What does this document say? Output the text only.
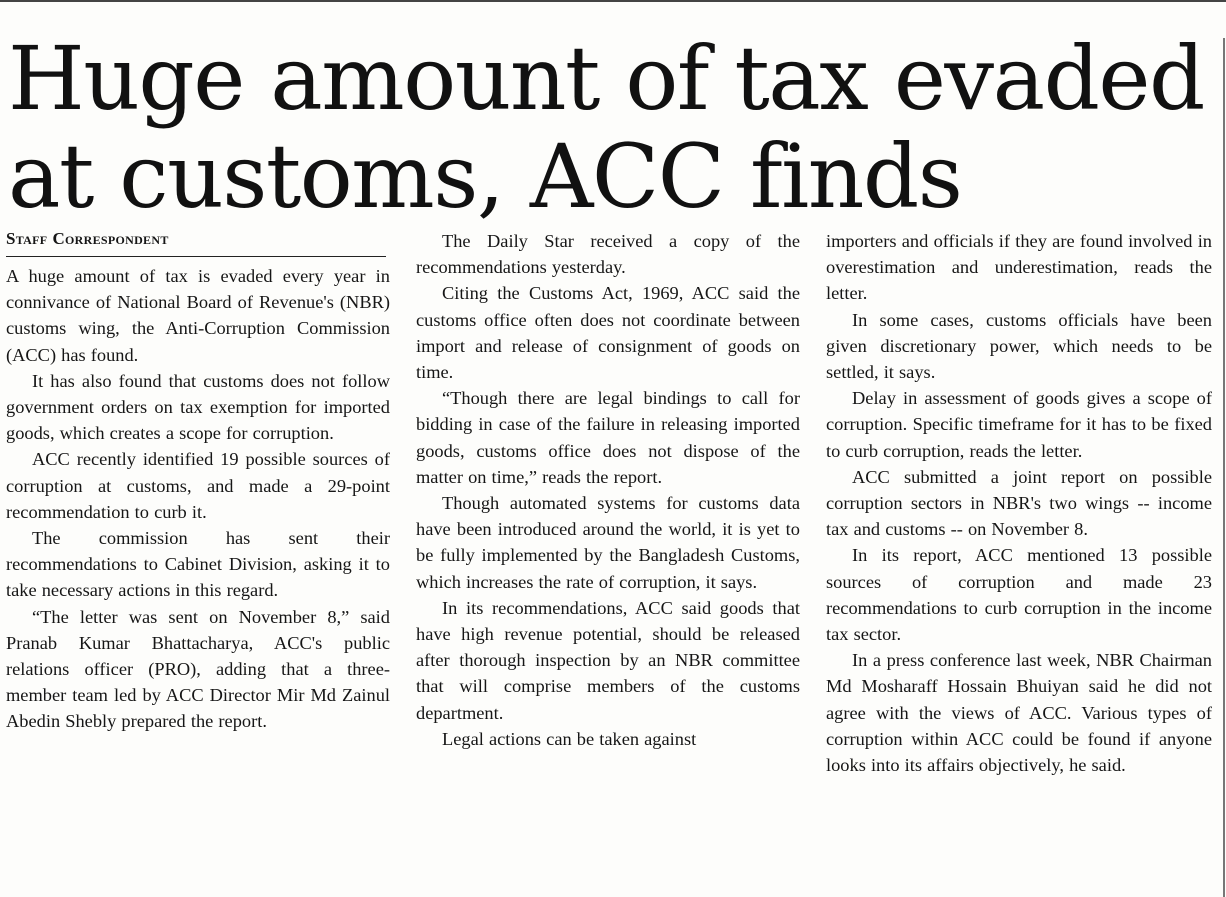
Huge amount of tax evaded at customs, ACC finds
Staff Correspondent

A huge amount of tax is evaded every year in connivance of National Board of Revenue's (NBR) customs wing, the Anti-Corruption Commission (ACC) has found.

It has also found that customs does not follow government orders on tax exemption for imported goods, which creates a scope for corruption.

ACC recently identified 19 possible sources of corruption at customs, and made a 29-point recommendation to curb it.

The commission has sent their recommendations to Cabinet Division, asking it to take necessary actions in this regard.

“The letter was sent on November 8,” said Pranab Kumar Bhattacharya, ACC's public relations officer (PRO), adding that a three-member team led by ACC Director Mir Md Zainul Abedin Shebly prepared the report.

The Daily Star received a copy of the recommendations yesterday.

Citing the Customs Act, 1969, ACC said the customs office often does not coordinate between import and release of consignment of goods on time.

“Though there are legal bindings to call for bidding in case of the failure in releasing imported goods, customs office does not dispose of the matter on time,” reads the report.

Though automated systems for customs data have been introduced around the world, it is yet to be fully implemented by the Bangladesh Customs, which increases the rate of corruption, it says.

In its recommendations, ACC said goods that have high revenue potential, should be released after thorough inspection by an NBR committee that will comprise members of the customs department.

Legal actions can be taken against

importers and officials if they are found involved in overestimation and underestimation, reads the letter.

In some cases, customs officials have been given discretionary power, which needs to be settled, it says.

Delay in assessment of goods gives a scope of corruption. Specific timeframe for it has to be fixed to curb corruption, reads the letter.

ACC submitted a joint report on possible corruption sectors in NBR's two wings -- income tax and customs -- on November 8.

In its report, ACC mentioned 13 possible sources of corruption and made 23 recommendations to curb corruption in the income tax sector.

In a press conference last week, NBR Chairman Md Mosharaff Hossain Bhuiyan said he did not agree with the views of ACC. Various types of corruption within ACC could be found if anyone looks into its affairs objectively, he said.
